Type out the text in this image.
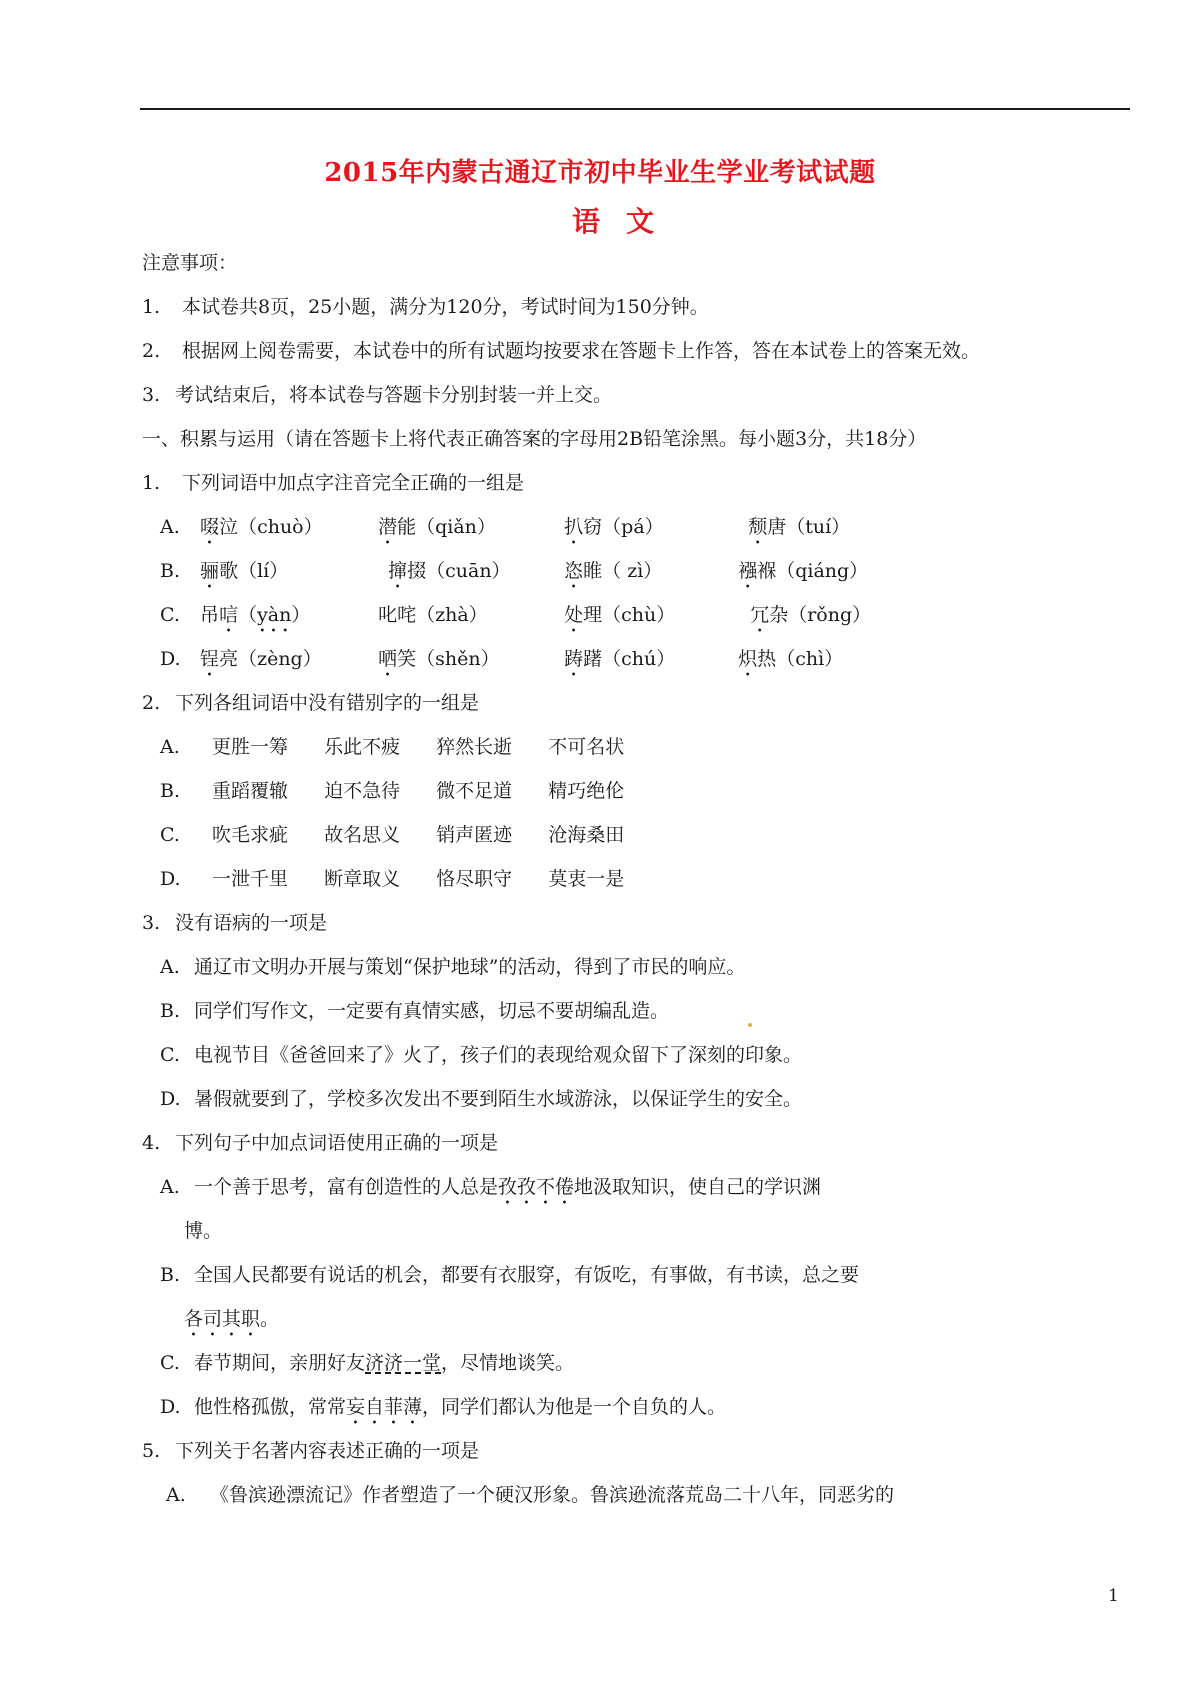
2015年内蒙古通辽市初中毕业生学业考试试题
语文
注意事项：
1. 本试卷共8页，25小题，满分为120分，考试时间为150分钟。
2. 根据网上阅卷需要，本试卷中的所有试题均按要求在答题卡上作答，答在本试卷上的答案无效。
3. 考试结束后，将本试卷与答题卡分别封装一并上交。
一、积累与运用（请在答题卡上将代表正确答案的字母用2B铅笔涂黑。每小题3分，共18分）
1. 下列词语中加点字注音完全正确的一组是
A. 啜泣（chuò）	潜能（qiǎn）	扒窃（pá）	颓唐（tuí）
B. 骊歌（lí）	撺掇（cuān）	恣睢（ zì）	襁褓（qiáng）
C. 吊唁（yàn）	叱咤（zhà）	处理（chù）	冗杂（rǒng）
D. 锃亮（zèng）	哂笑（shěn）	踌躇（chú）	炽热（chì）
2. 下列各组词语中没有错别字的一组是
A. 更胜一筹 乐此不疲 猝然长逝 不可名状
B. 重蹈覆辙 迫不急待 微不足道 精巧绝伦
C. 吹毛求疵 故名思义 销声匿迹 沧海桑田
D. 一泄千里 断章取义 恪尽职守 莫衷一是
3. 没有语病的一项是
A. 通辽市文明办开展与策划“保护地球”的活动，得到了市民的响应。
B. 同学们写作文，一定要有真情实感，切忌不要胡编乱造。
C. 电视节目《爸爸回来了》火了，孩子们的表现给观众留下了深刻的印象。
D. 暑假就要到了，学校多次发出不要到陌生水域游泳，以保证学生的安全。
4. 下列句子中加点词语使用正确的一项是
A. 一个善于思考，富有创造性的人总是孜孜不倦地汲取知识，使自己的学识渊
博。
B. 全国人民都要有说话的机会，都要有衣服穿，有饭吃，有事做，有书读，总之要
各司其职。
C. 春节期间，亲朋好友济济一堂，尽情地谈笑。
D. 他性格孤傲，常常妄自菲薄，同学们都认为他是一个自负的人。
5. 下列关于名著内容表述正确的一项是
A. 《鲁滨逊漂流记》作者塑造了一个硬汉形象。鲁滨逊流落荒岛二十八年，同恶劣的
1
